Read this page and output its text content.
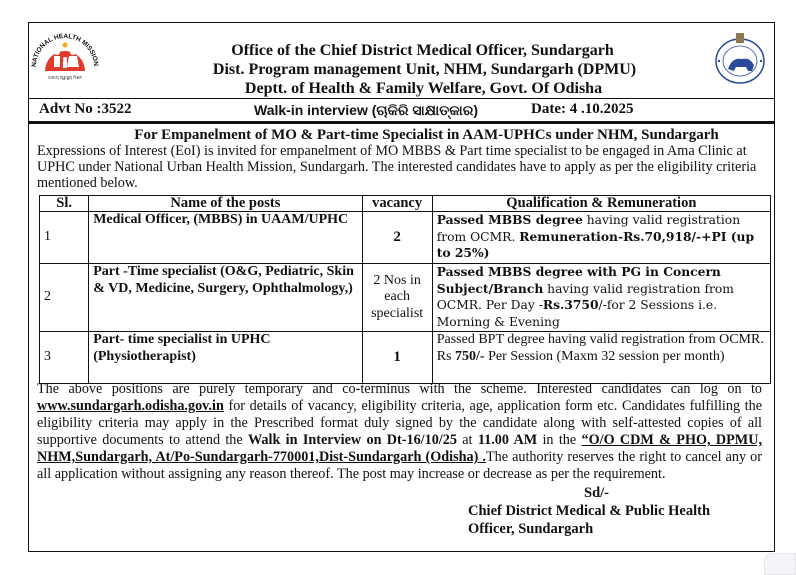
NATIONAL HEALTH MISSION
ଜାତୀୟ ସ୍ୱାସ୍ଥ୍ୟ ମିଶନ
Office of the Chief District Medical Officer, Sundargarh
Dist. Program management Unit, NHM, Sundargarh (DPMU)
Deptt. of Health & Family Welfare, Govt. Of Odisha
Advt No :3522	Walk-in interview (ଚାକିରି ସାକ୍ଷାତ୍କାର)	Date: 4 .10.2025
For Empanelment of MO & Part-time Specialist in AAM-UPHCs under NHM, Sundargarh
Expressions of Interest (EoI) is invited for empanelment of MO MBBS & Part time specialist to be engaged in Ama Clinic at UPHC under National Urban Health Mission, Sundargarh. The interested candidates have to apply as per the eligibility criteria mentioned below.
Sl.	Name of the posts	vacancy	Qualification & Remuneration
1	Medical Officer, (MBBS) in UAAM/UPHC	2	Passed MBBS degree having valid registration from OCMR. Remuneration-Rs.70,918/-+PI (up to 25%)
2	Part -Time specialist (O&G, Pediatric, Skin & VD, Medicine, Surgery, Ophthalmology,)	2 Nos in each specialist	Passed MBBS degree with PG in Concern Subject/Branch having valid registration from OCMR. Per Day -Rs.3750/-for 2 Sessions i.e. Morning & Evening
3	Part- time specialist in UPHC (Physiotherapist)	1	Passed BPT degree having valid registration from OCMR. Rs 750/- Per Session (Maxm 32 session per month)
The above positions are purely temporary and co-terminus with the scheme. Interested candidates can log on to www.sundargarh.odisha.gov.in for details of vacancy, eligibility criteria, age, application form etc. Candidates fulfilling the eligibility criteria may apply in the Prescribed format duly signed by the candidate along with self-attested copies of all supportive documents to attend the Walk in Interview on Dt-16/10/25 at 11.00 AM in the “O/O CDM & PHO, DPMU, NHM,Sundargarh, At/Po-Sundargarh-770001,Dist-Sundargarh (Odisha) .The authority reserves the right to cancel any or all application without assigning any reason thereof. The post may increase or decrease as per the requirement.
Sd/-
Chief District Medical & Public Health
Officer, Sundargarh
